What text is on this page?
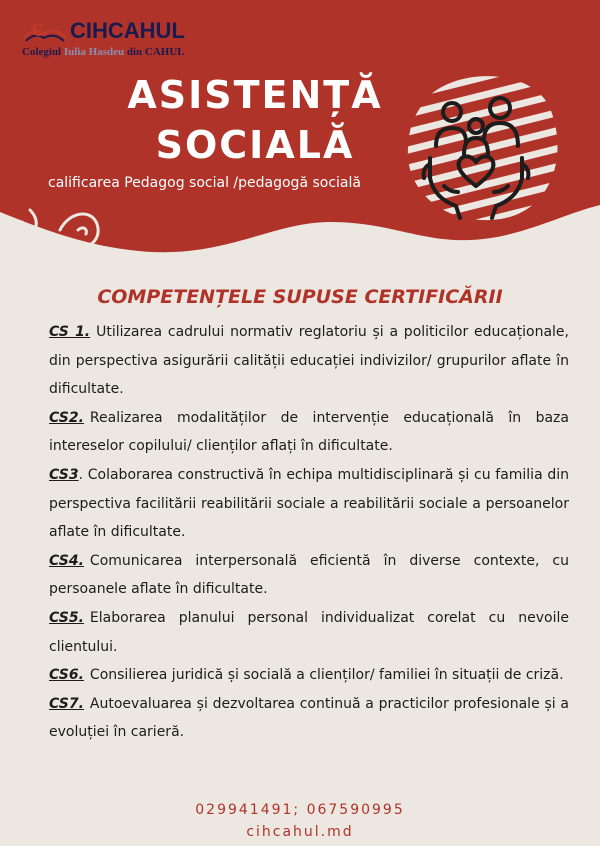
C CIHCAHUL
Colegiul Iulia Hasdeu din CAHUL
ASISTENȚĂ
SOCIALĂ
calificarea Pedagog social /pedagogă socială
COMPETENȚELE SUPUSE CERTIFICĂRII
CS 1. Utilizarea cadrului normativ reglatoriu și a politicilor educaționale, din perspectiva asigurării calității educației indivizilor/ grupurilor aflate în dificultate.
CS2. Realizarea modalităților de intervenție educațională în baza intereselor copilului/ clienților aflați în dificultate.
CS3. Colaborarea constructivă în echipa multidisciplinară și cu familia din perspectiva facilitării reabilitării sociale a reabilitării sociale a persoanelor aflate în dificultate.
CS4. Comunicarea interpersonală eficientă în diverse contexte, cu persoanele aflate în dificultate.
CS5. Elaborarea planului personal individualizat corelat cu nevoile clientului.
CS6. Consilierea juridică și socială a clienților/ familiei în situații de criză.
CS7. Autoevaluarea și dezvoltarea continuă a practicilor profesionale și a evoluției în carieră.
029941491; 067590995
cihcahul.md
